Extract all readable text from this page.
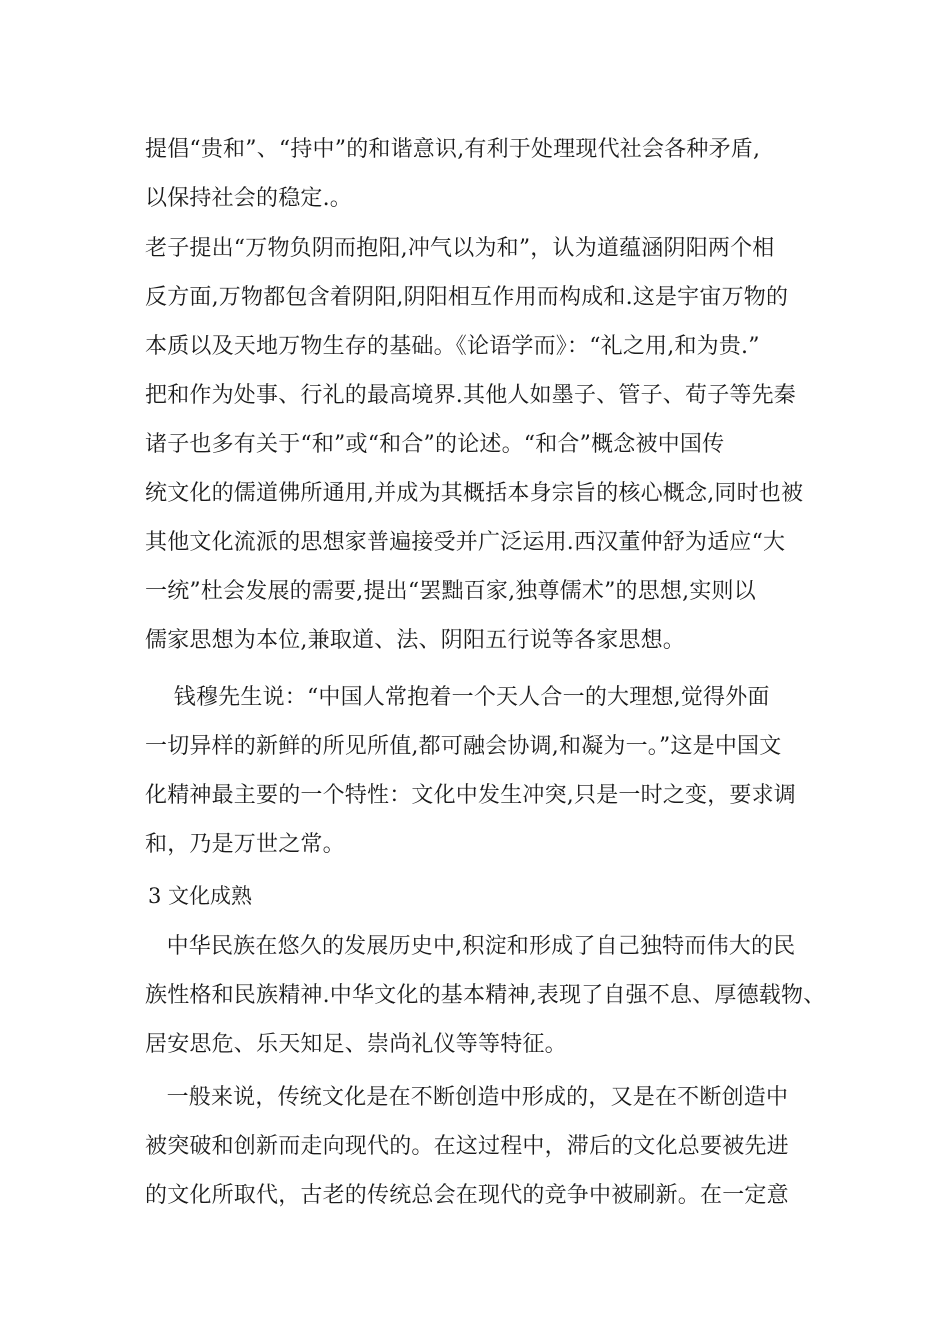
提倡“贵和”、“持中”的和谐意识,有利于处理现代社会各种矛盾,
以保持社会的稳定.。
老子提出“万物负阴而抱阳,冲气以为和”，认为道蕴涵阴阳两个相
反方面,万物都包含着阴阳,阴阳相互作用而构成和.这是宇宙万物的
本质以及天地万物生存的基础。《论语学而》：“礼之用,和为贵.”
把和作为处事、行礼的最高境界.其他人如墨子、管子、荀子等先秦
诸子也多有关于“和”或“和合”的论述。“和合”概念被中国传
统文化的儒道佛所通用,并成为其概括本身宗旨的核心概念,同时也被
其他文化流派的思想家普遍接受并广泛运用.西汉董仲舒为适应“大
一统”杜会发展的需要,提出“罢黜百家,独尊儒术”的思想,实则以
儒家思想为本位,兼取道、法、阴阳五行说等各家思想。
钱穆先生说：“中国人常抱着一个天人合一的大理想,觉得外面
一切异样的新鲜的所见所值,都可融会协调,和凝为一。”这是中国文
化精神最主要的一个特性：文化中发生冲突,只是一时之变，要求调
和，乃是万世之常。
3 文化成熟
中华民族在悠久的发展历史中,积淀和形成了自己独特而伟大的民
族性格和民族精神.中华文化的基本精神,表现了自强不息、厚德载物、
居安思危、乐天知足、崇尚礼仪等等特征。
一般来说，传统文化是在不断创造中形成的，又是在不断创造中
被突破和创新而走向现代的。在这过程中，滞后的文化总要被先进
的文化所取代，古老的传统总会在现代的竞争中被刷新。在一定意
